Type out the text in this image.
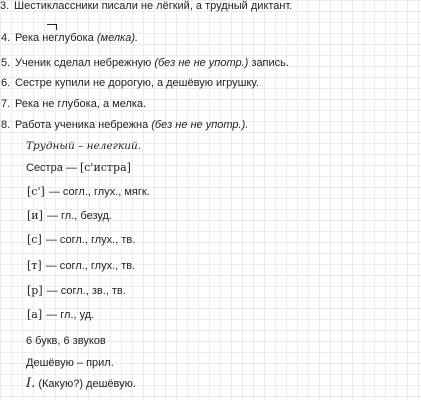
3. Шестиклассники писали не лёгкий, а трудный диктант.
4. Река не
глубока (мелка).
5. Ученик сделал небрежную (без не не употр.) запись.
6. Сестре купили не дорогую, а дешёвую игрушку.
7. Река не глубока, а мелка.
8. Работа ученика небрежна (без не не употр.).
Трудный – нелегкий.
Сестра — [с'истра]
[с'] — согл., глух., мягк.
[и] — гл., безуд.
[с] — согл., глух., тв.
[т] — согл., глух., тв.
[р] — согл., зв., тв.
[а] — гл., уд.
6 букв, 6 звуков
Дешёвую – прил.
I. (Какую?) дешёвую.
